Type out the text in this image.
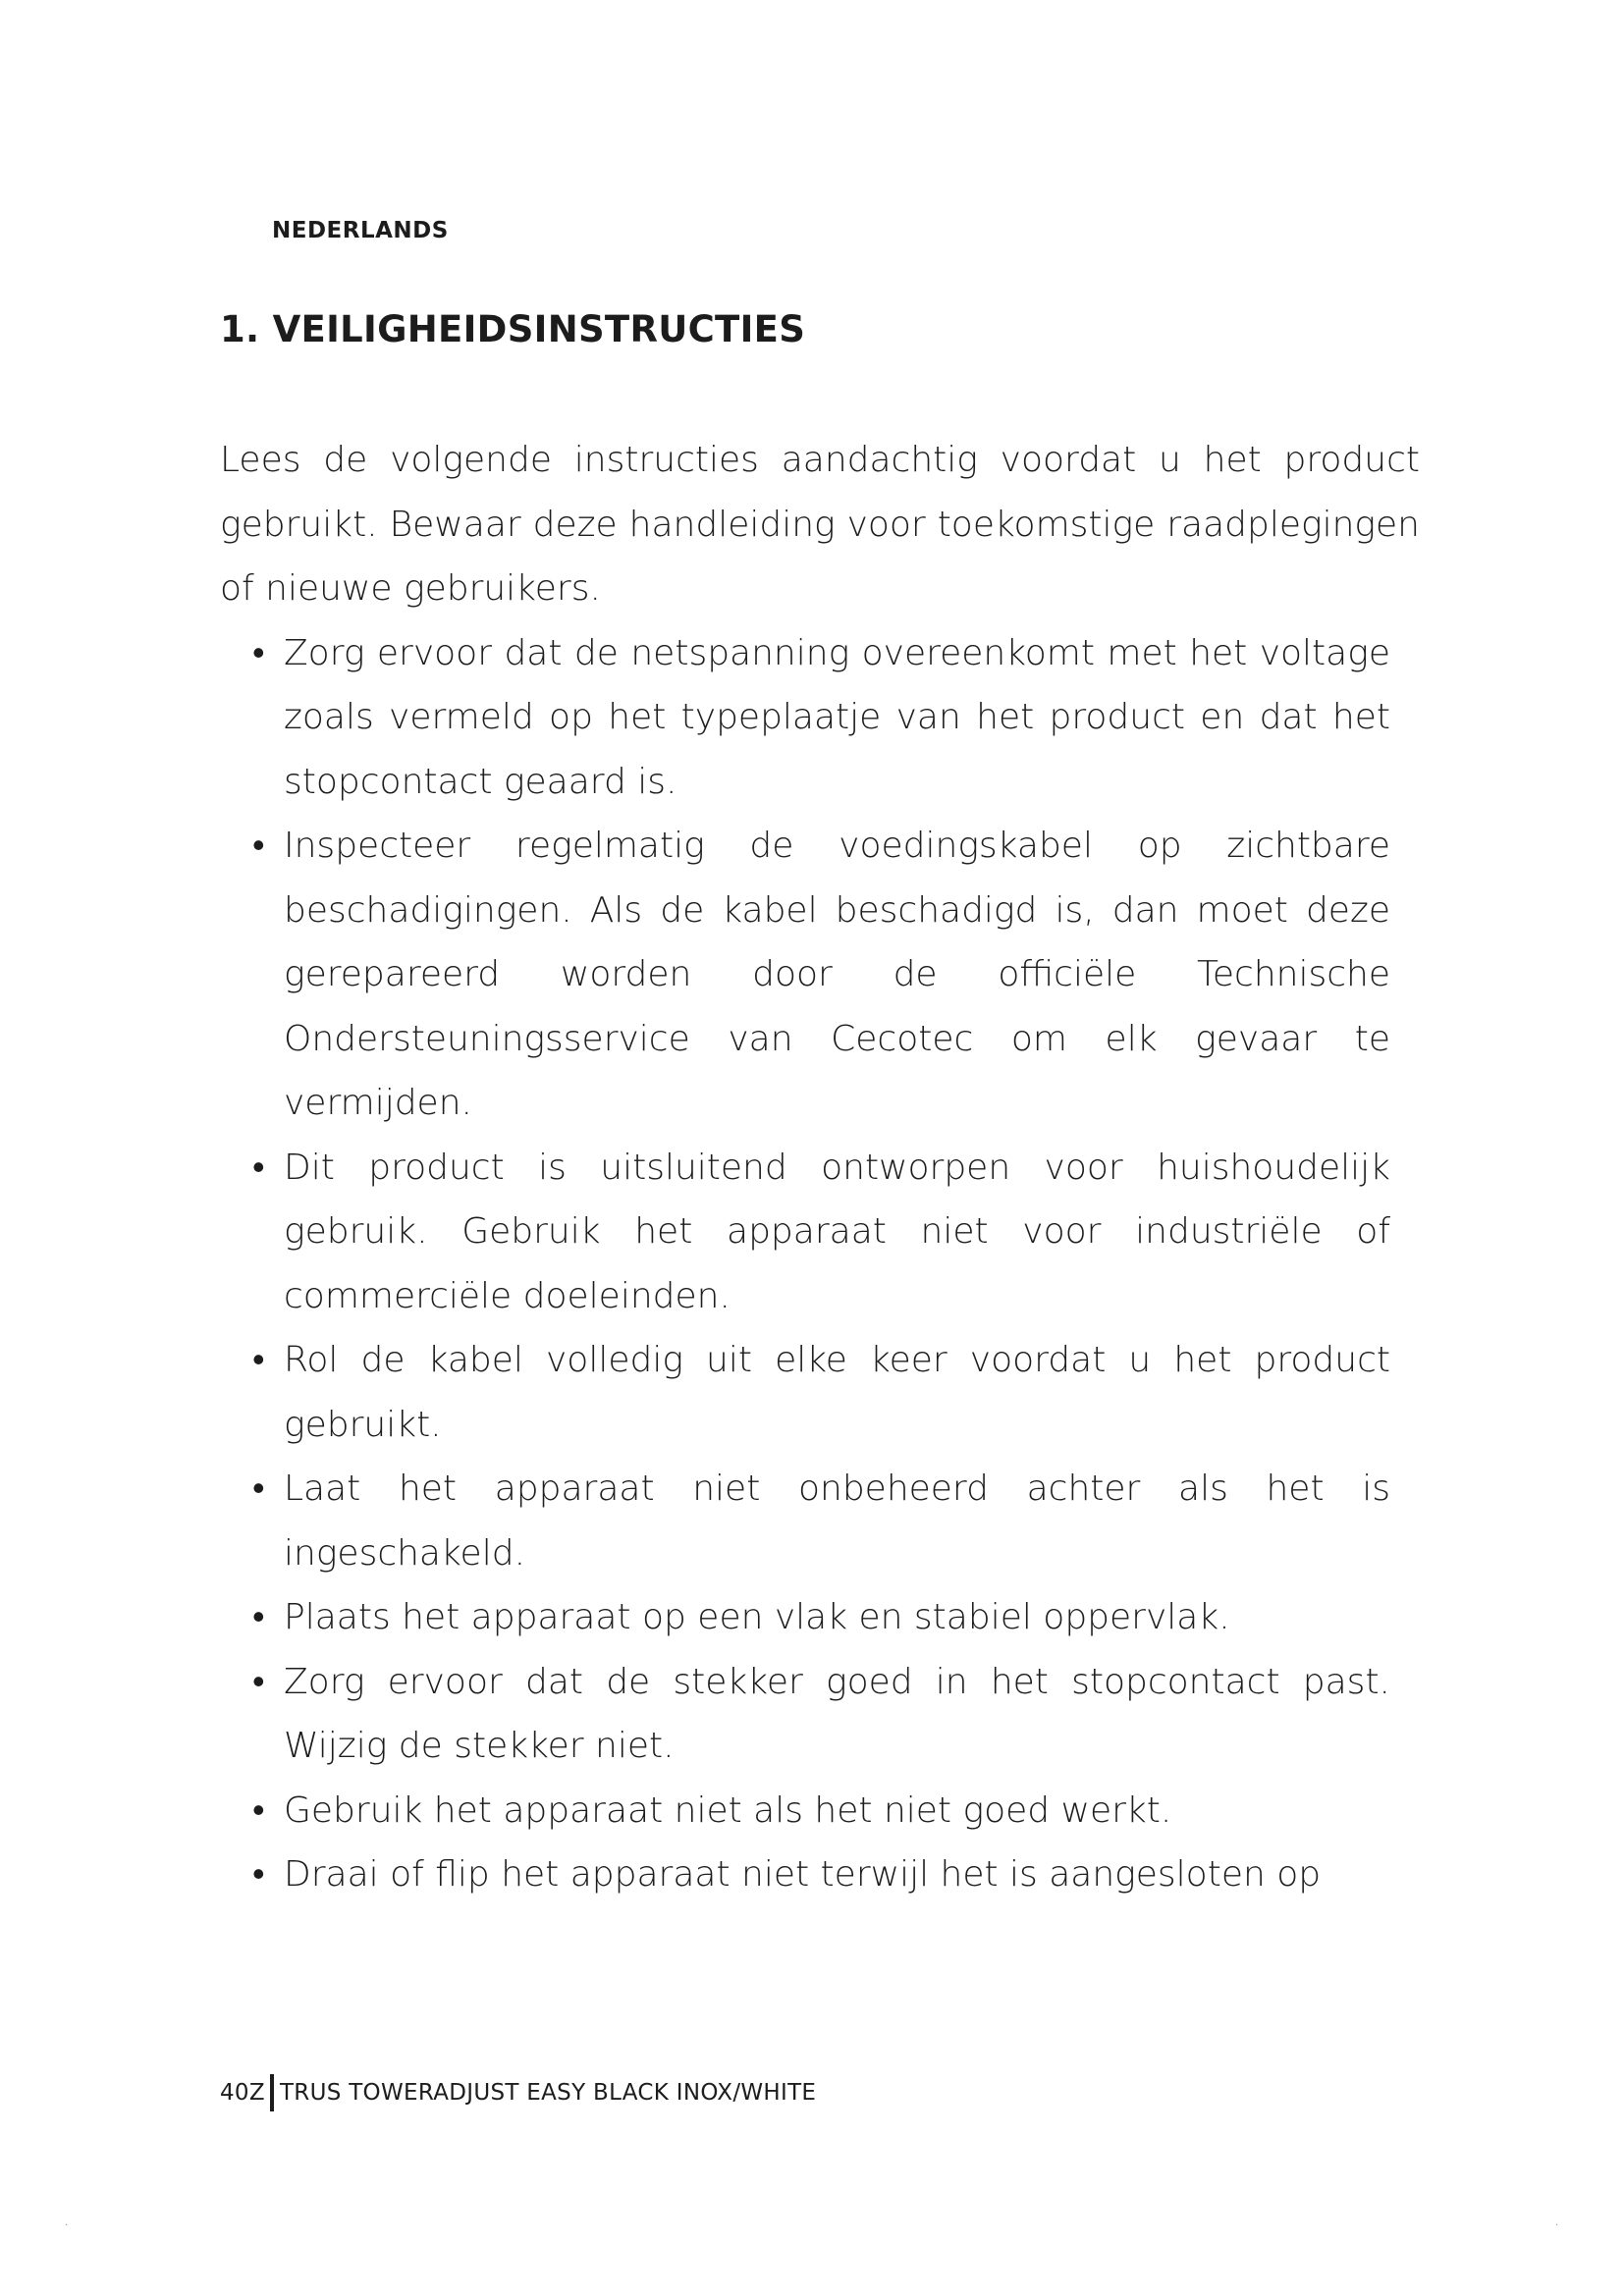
NEDERLANDS
1. VEILIGHEIDSINSTRUCTIES

Lees de volgende instructies aandachtig voordat u het product gebruikt. Bewaar deze handleiding voor toekomstige raadplegingen of nieuwe gebruikers.

• Zorg ervoor dat de netspanning overeenkomt met het voltage zoals vermeld op het typeplaatje van het product en dat het stopcontact geaard is.
• Inspecteer regelmatig de voedingskabel op zichtbare beschadigingen. Als de kabel beschadigd is, dan moet deze gerepareerd worden door de officiële Technische Ondersteuningsservice van Cecotec om elk gevaar te vermijden.
• Dit product is uitsluitend ontworpen voor huishoudelijk gebruik. Gebruik het apparaat niet voor industriële of commerciële doeleinden.
• Rol de kabel volledig uit elke keer voordat u het product gebruikt.
• Laat het apparaat niet onbeheerd achter als het is ingeschakeld.
• Plaats het apparaat op een vlak en stabiel oppervlak.
• Zorg ervoor dat de stekker goed in het stopcontact past. Wijzig de stekker niet.
• Gebruik het apparaat niet als het niet goed werkt.
• Draai of flip het apparaat niet terwijl het is aangesloten op
40 Z TRUS TOWERADJUST EASY BLACK INOX/WHITE
·	·
